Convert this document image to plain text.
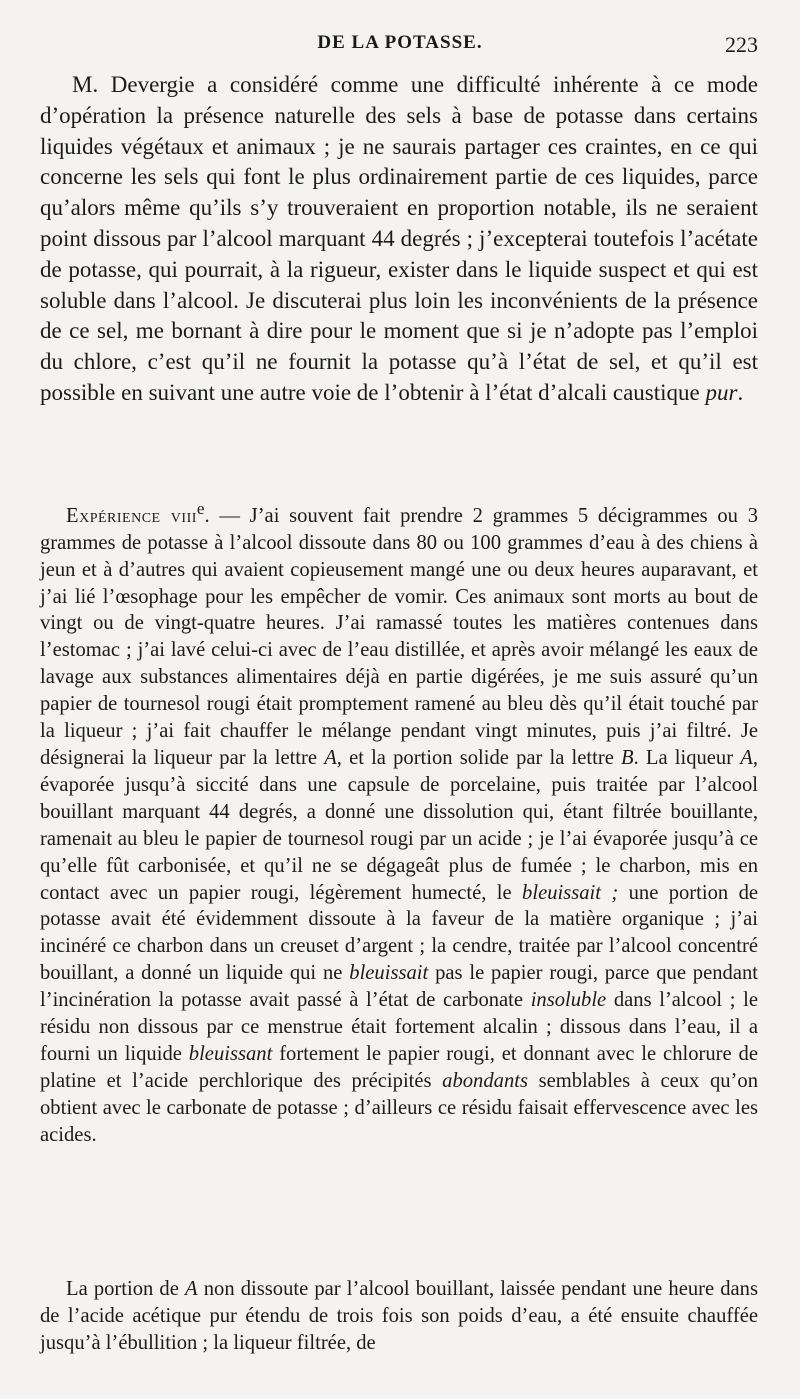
DE LA POTASSE.	223

M. Devergie a considéré comme une difficulté inhérente à ce mode d’opération la présence naturelle des sels à base de potasse dans certains liquides végétaux et animaux ; je ne saurais partager ces craintes, en ce qui concerne les sels qui font le plus ordinairement partie de ces liquides, parce qu’alors même qu’ils s’y trouveraient en proportion notable, ils ne seraient point dissous par l’alcool marquant 44 degrés ; j’excepterai toutefois l’acétate de potasse, qui pourrait, à la rigueur, exister dans le liquide suspect et qui est soluble dans l’alcool. Je discuterai plus loin les inconvénients de la présence de ce sel, me bornant à dire pour le moment que si je n’adopte pas l’emploi du chlore, c’est qu’il ne fournit la potasse qu’à l’état de sel, et qu’il est possible en suivant une autre voie de l’obtenir à l’état d’alcali caustique pur.

Expérience viii$^e$. — J’ai souvent fait prendre 2 grammes 5 décigrammes ou 3 grammes de potasse à l’alcool dissoute dans 80 ou 100 grammes d’eau à des chiens à jeun et à d’autres qui avaient copieusement mangé une ou deux heures auparavant, et j’ai lié l’œsophage pour les empêcher de vomir. Ces animaux sont morts au bout de vingt ou de vingt-quatre heures. J’ai ramassé toutes les matières contenues dans l’estomac ; j’ai lavé celui-ci avec de l’eau distillée, et après avoir mélangé les eaux de lavage aux substances alimentaires déjà en partie digérées, je me suis assuré qu’un papier de tournesol rougi était promptement ramené au bleu dès qu’il était touché par la liqueur ; j’ai fait chauffer le mélange pendant vingt minutes, puis j’ai filtré. Je désignerai la liqueur par la lettre A, et la portion solide par la lettre B. La liqueur A, évaporée jusqu’à siccité dans une capsule de porcelaine, puis traitée par l’alcool bouillant marquant 44 degrés, a donné une dissolution qui, étant filtrée bouillante, ramenait au bleu le papier de tournesol rougi par un acide ; je l’ai évaporée jusqu’à ce qu’elle fût carbonisée, et qu’il ne se dégageât plus de fumée ; le charbon, mis en contact avec un papier rougi, légèrement humecté, le bleuissait ; une portion de potasse avait été évidemment dissoute à la faveur de la matière organique ; j’ai incinéré ce charbon dans un creuset d’argent ; la cendre, traitée par l’alcool concentré bouillant, a donné un liquide qui ne bleuissait pas le papier rougi, parce que pendant l’incinération la potasse avait passé à l’état de carbonate insoluble dans l’alcool ; le résidu non dissous par ce menstrue était fortement alcalin ; dissous dans l’eau, il a fourni un liquide bleuissant fortement le papier rougi, et donnant avec le chlorure de platine et l’acide perchlorique des précipités abondants semblables à ceux qu’on obtient avec le carbonate de potasse ; d’ailleurs ce résidu faisait effervescence avec les acides.

La portion de A non dissoute par l’alcool bouillant, laissée pendant une heure dans de l’acide acétique pur étendu de trois fois son poids d’eau, a été ensuite chauffée jusqu’à l’ébullition ; la liqueur filtrée, de
